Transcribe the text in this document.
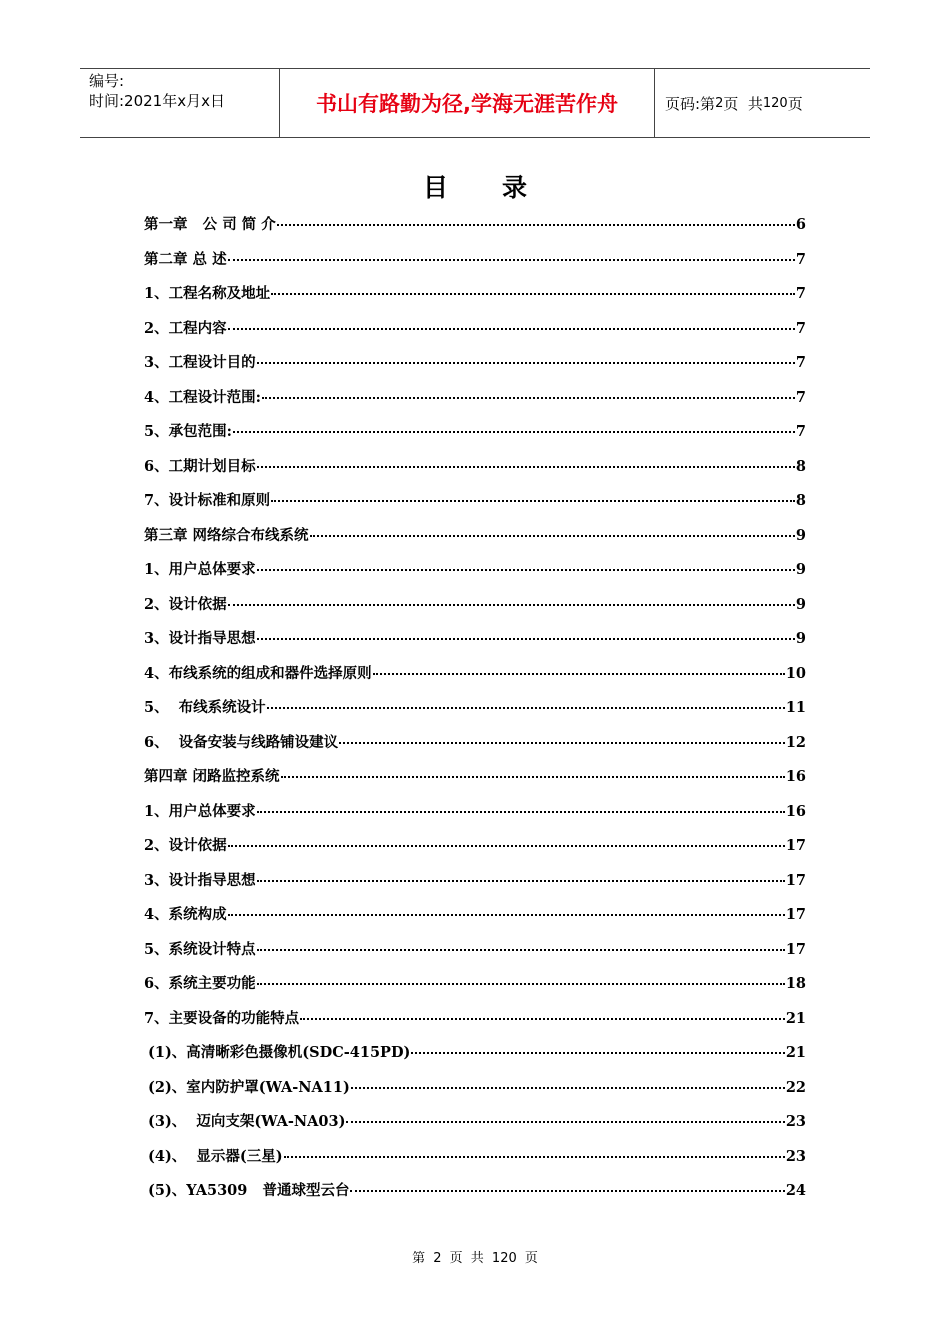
编号:
时间:2021年x月x日	书山有路勤为径,学海无涯苦作舟	页码:第 2 页  共 120 页
目录
第一章   公 司 简 介	6
第二章 总 述	7
1、工程名称及地址	7
2、工程内容	7
3、工程设计目的	7
4、工程设计范围:	7
5、承包范围:	7
6、工期计划目标	8
7、设计标准和原则	8
第三章 网络综合布线系统	9
1、用户总体要求	9
2、设计依据	9
3、设计指导思想	9
4、布线系统的组成和器件选择原则	10
5、  布线系统设计	11
6、  设备安装与线路铺设建议	12
第四章 闭路监控系统	16
1、用户总体要求	16
2、设计依据	17
3、设计指导思想	17
4、系统构成	17
5、系统设计特点	17
6、系统主要功能	18
7、主要设备的功能特点	21
(1)、高清晰彩色摄像机(SDC-415PD)	21
(2)、室内防护罩(WA-NA11)	22
(3)、  迈向支架(WA-NA03)	23
(4)、  显示器(三星)	23
(5)、YA5309   普通球型云台	24
第 2 页 共 120 页
